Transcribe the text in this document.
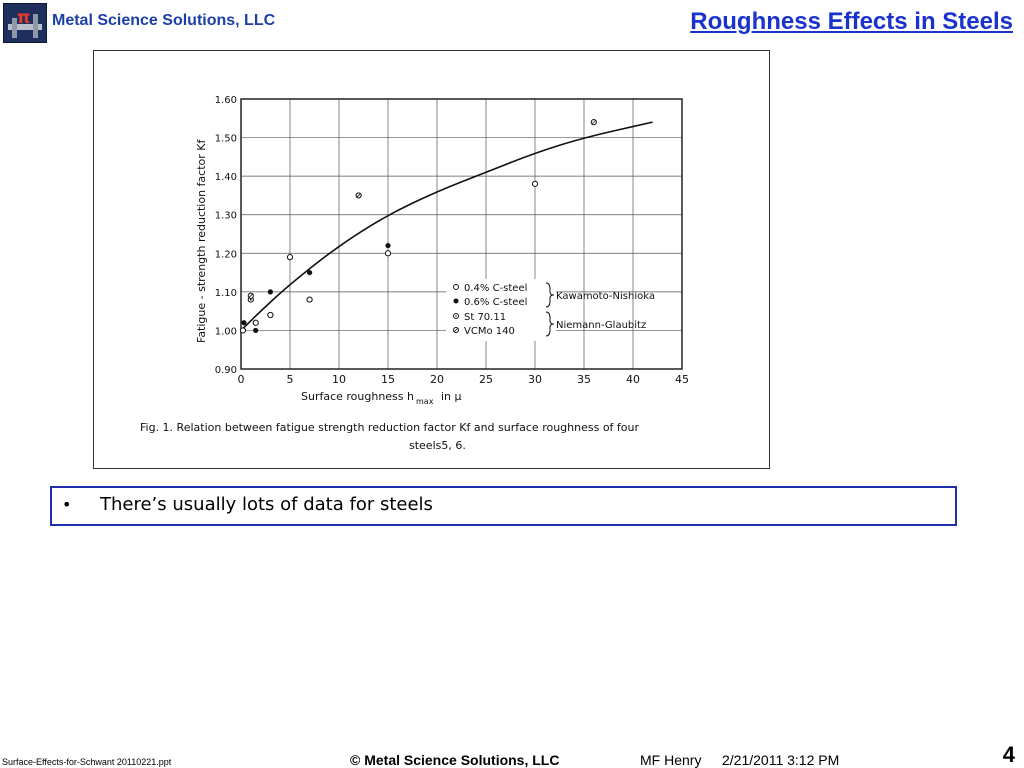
π Metal Science Solutions, LLC	Roughness Effects in Steels
0	5	10	15	20	25	30	35	40	45
0.90
1.00
1.10
1.20
1.30
1.40
1.50
1.60
0.4% C-steel
0.6% C-steel
St 70.11
VCMo 140
Kawamoto-Nishioka
Niemann-Glaubitz
Fatigue - strength reduction factor Kf
Surface roughness h max in μ
Fig. 1. Relation between fatigue strength reduction factor Kf and surface roughness of four
steels5, 6.
• There’s usually lots of data for steels
Surface-Effects-for-Schwant 20110221.ppt	© Metal Science Solutions, LLC	MF Henry 2/21/2011 3:12 PM	4
